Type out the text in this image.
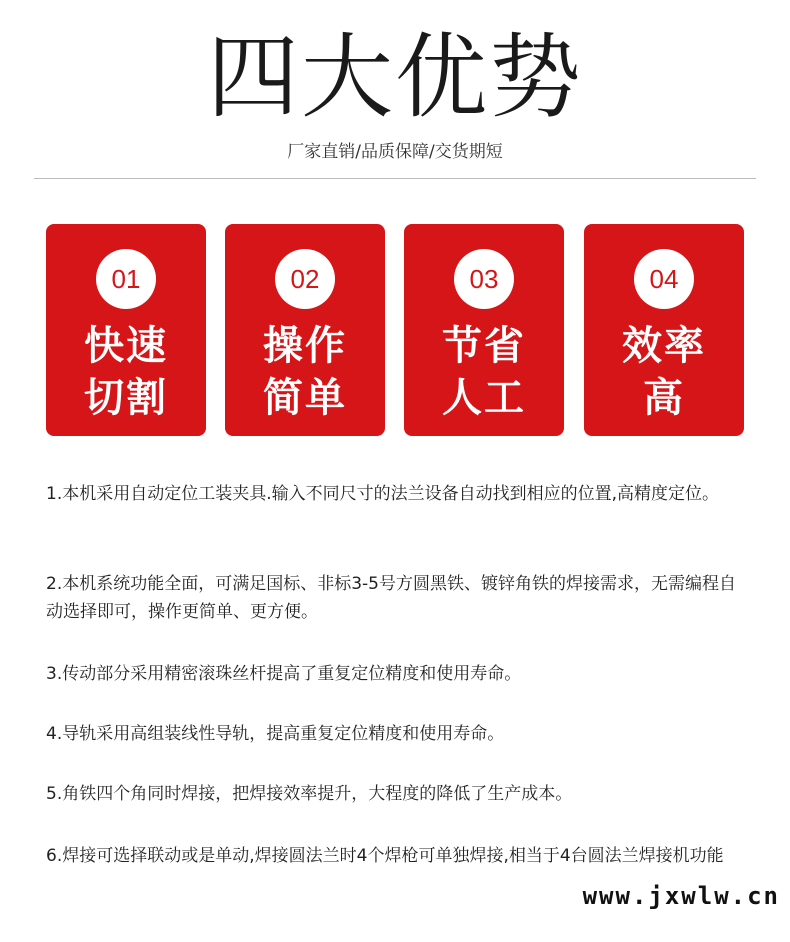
四大优势
厂家直销/品质保障/交货期短
01
快速
切割
02
操作
简单
03
节省
人工
04
效率
高
1.本机采用自动定位工装夹具.输入不同尺寸的法兰设备自动找到相应的位置,高精度定位。
2.本机系统功能全面，可满足国标、非标3-5号方圆黑铁、镀锌角铁的焊接需求，无需编程自动选择即可，操作更简单、更方便。
3.传动部分采用精密滚珠丝杆提高了重复定位精度和使用寿命。
4.导轨采用高组装线性导轨，提高重复定位精度和使用寿命。
5.角铁四个角同时焊接，把焊接效率提升，大程度的降低了生产成本。
6.焊接可选择联动或是单动,焊接圆法兰时4个焊枪可单独焊接,相当于4台圆法兰焊接机功能
www.jxwlw.cn
